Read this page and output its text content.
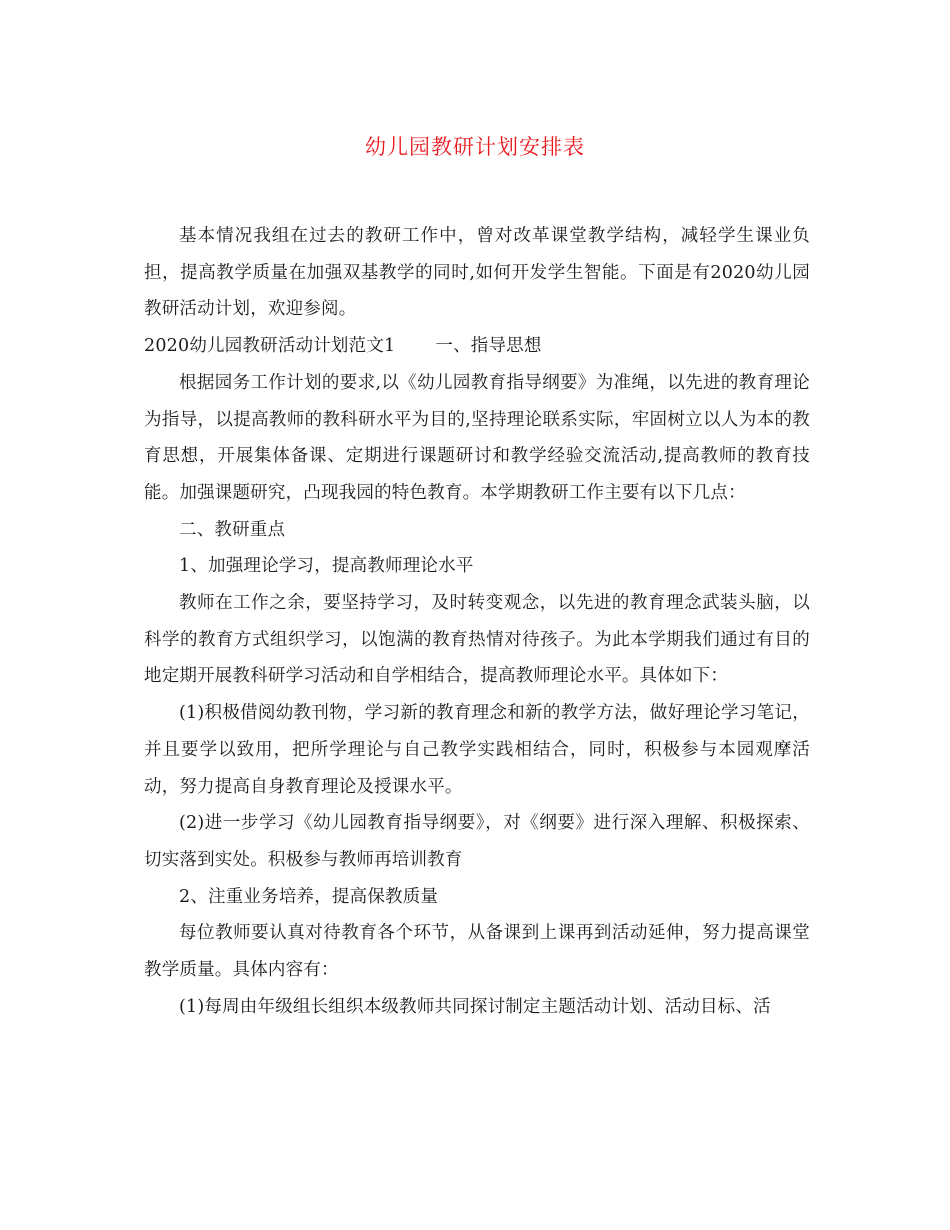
幼儿园教研计划安排表

基本情况我组在过去的教研工作中，曾对改革课堂教学结构，减轻学生课业负担，提高教学质量在加强双基教学的同时,如何开发学生智能。下面是有2020幼儿园教研活动计划，欢迎参阅。

2020幼儿园教研活动计划范文1 一、指导思想

根据园务工作计划的要求,以《幼儿园教育指导纲要》为准绳，以先进的教育理论为指导，以提高教师的教科研水平为目的,坚持理论联系实际，牢固树立以人为本的教育思想，开展集体备课、定期进行课题研讨和教学经验交流活动,提高教师的教育技能。加强课题研究，凸现我园的特色教育。本学期教研工作主要有以下几点：

二、教研重点

1、加强理论学习，提高教师理论水平

教师在工作之余，要坚持学习，及时转变观念，以先进的教育理念武装头脑，以科学的教育方式组织学习，以饱满的教育热情对待孩子。为此本学期我们通过有目的地定期开展教科研学习活动和自学相结合，提高教师理论水平。具体如下：

(1)积极借阅幼教刊物，学习新的教育理念和新的教学方法，做好理论学习笔记，并且要学以致用，把所学理论与自己教学实践相结合，同时，积极参与本园观摩活动，努力提高自身教育理论及授课水平。

(2)进一步学习《幼儿园教育指导纲要》，对《纲要》进行深入理解、积极探索、切实落到实处。积极参与教师再培训教育

2、注重业务培养，提高保教质量

每位教师要认真对待教育各个环节，从备课到上课再到活动延伸，努力提高课堂教学质量。具体内容有：

(1)每周由年级组长组织本级教师共同探讨制定主题活动计划、活动目标、活
